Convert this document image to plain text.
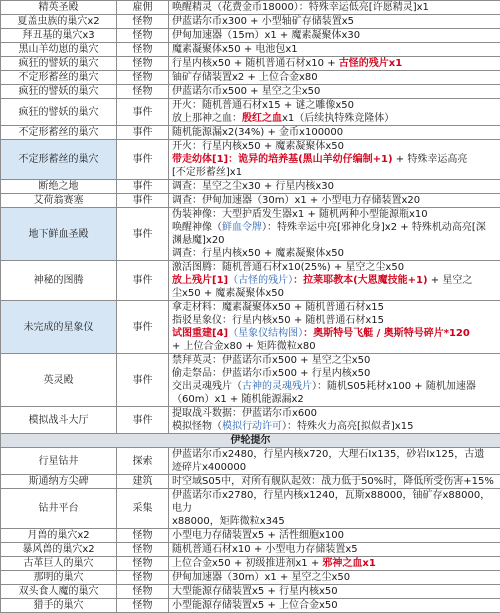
精英圣殿	雇佣	唤醒精灵（花费金币18000）：特殊幸运低亮[许愿精灵]x1
夏盖虫族的巢穴x2	怪物	伊蓝诺尔币x300 + 小型轴矿存储装置x5
拜丑基的巢穴x3	怪物	伊甸加速器（15m）x1 + 魔素凝聚体x30
黑山羊幼崽的巢穴	怪物	魔素凝聚体x50 + 电池包x1
疯狂的譬妖的巢穴	怪物	行星内核x50 + 随机普通石材x10 + 古怪的残片x1
不定形蓄丝的巢穴	怪物	铀矿存储装置x2 + 上位合金x80
疯狂的譬妖的巢穴	怪物	伊蓝诺尔币x500 + 星空之尘x50
疯狂的譬妖的巢穴	事件	开火：随机普通石材x15 + 谜之雕像x50
放上那神之血：殷红之血x1（后续执特殊竞隆体）
不定形蓄丝的巢穴	事件	随机能源漏x2(34%) + 金币x100000
不定形蓄丝的巢穴	事件	开火：行星内核x50 + 魔素凝聚体x50
带走幼体[1]：诡异的培养基(黑山羊幼仔编制+1) + 特殊幸运高亮
[不定形蓄丝]x1
断绝之地	事件	调查：星空之尘x30 + 行星内核x30
艾荷翁赛塞	事件	调查：伊甸加速器（30m）x1 + 小型电力存储装置x20
地下鲜血圣殿	事件	伪装神像：大型护盾发生器x1 + 随机两种小型能源瓶x10
唤醒神像（鲜血令牌）：特殊幸运中亮[邪神化身]x2 + 特殊机动高亮[深
渊悬魔]x20
调查：行星内核x50 + 魔素凝聚体x50
神秘的图腾	事件	激活图腾：随机普通石材x10(25%) + 星空之尘x50
放上残片[1]（古怪的残片）：拉莱耶教本(大恩魔技能+1) + 星空之
尘x50 + 魔素凝聚体x50
未完成的星象仪	事件	拿走材料：魔素凝聚体x50 + 随机普通石材x15
指驳星象仪：行星内核x50 + 随机普通石材x15
试图重建[4]（星象仪结构图）：奥斯特号飞艇 / 奥斯特号碎片*120
+ 上位合金x80 + 矩阵微粒x80
英灵殿	事件	禁拜英灵：伊蓝诺尔币x500 + 星空之尘x50
偷走祭品：伊蓝诺尔币x500 + 行星内核x50
交出灵魂残片（古神的灵魂残片）：随机S05耗材x100 + 随机加速器
（60m）x1 + 随机能源漏x2
模拟战斗大厅	事件	提取战斗数据：伊蓝诺尔币x600
模拟怪物（模拟行动许可）：特殊火力高亮[拟似者]x15
伊轮提尔		
行星钻井	探索	伊蓝诺尔币x2480，行星内核x720，大理石Ⅰx135，砂岩Ⅰx125，古遗
迹碎片x400000
斯通纳方尖碑	建筑	时空域S05中，对所有舰队起效：战力低于50%时，降低所受伤害+15%
钻井平台	采集	伊蓝诺尔币x2780，行星内核x1240，瓦斯x88000，铀矿存x88000，电力
x88000，矩阵微粒x345
月兽的巢穴x2	怪物	小型电力存储装置x5 + 活性细胞x100
暴风兽的巢穴x2	怪物	随机普通石材x10 + 小型电力存储装置x5
古革巨人的巢穴	怪物	上位合金x50 + 初级推进剂x1 + 邪神之血x1
那明的巢穴	怪物	伊甸加速器（30m）x1 + 星空之尘x50
双头食人魔的巢穴	怪物	大型能源存储装置x5 + 行星内核x50
猎手的巢穴	怪物	小型能源存储装置x5 + 上位合金x50
